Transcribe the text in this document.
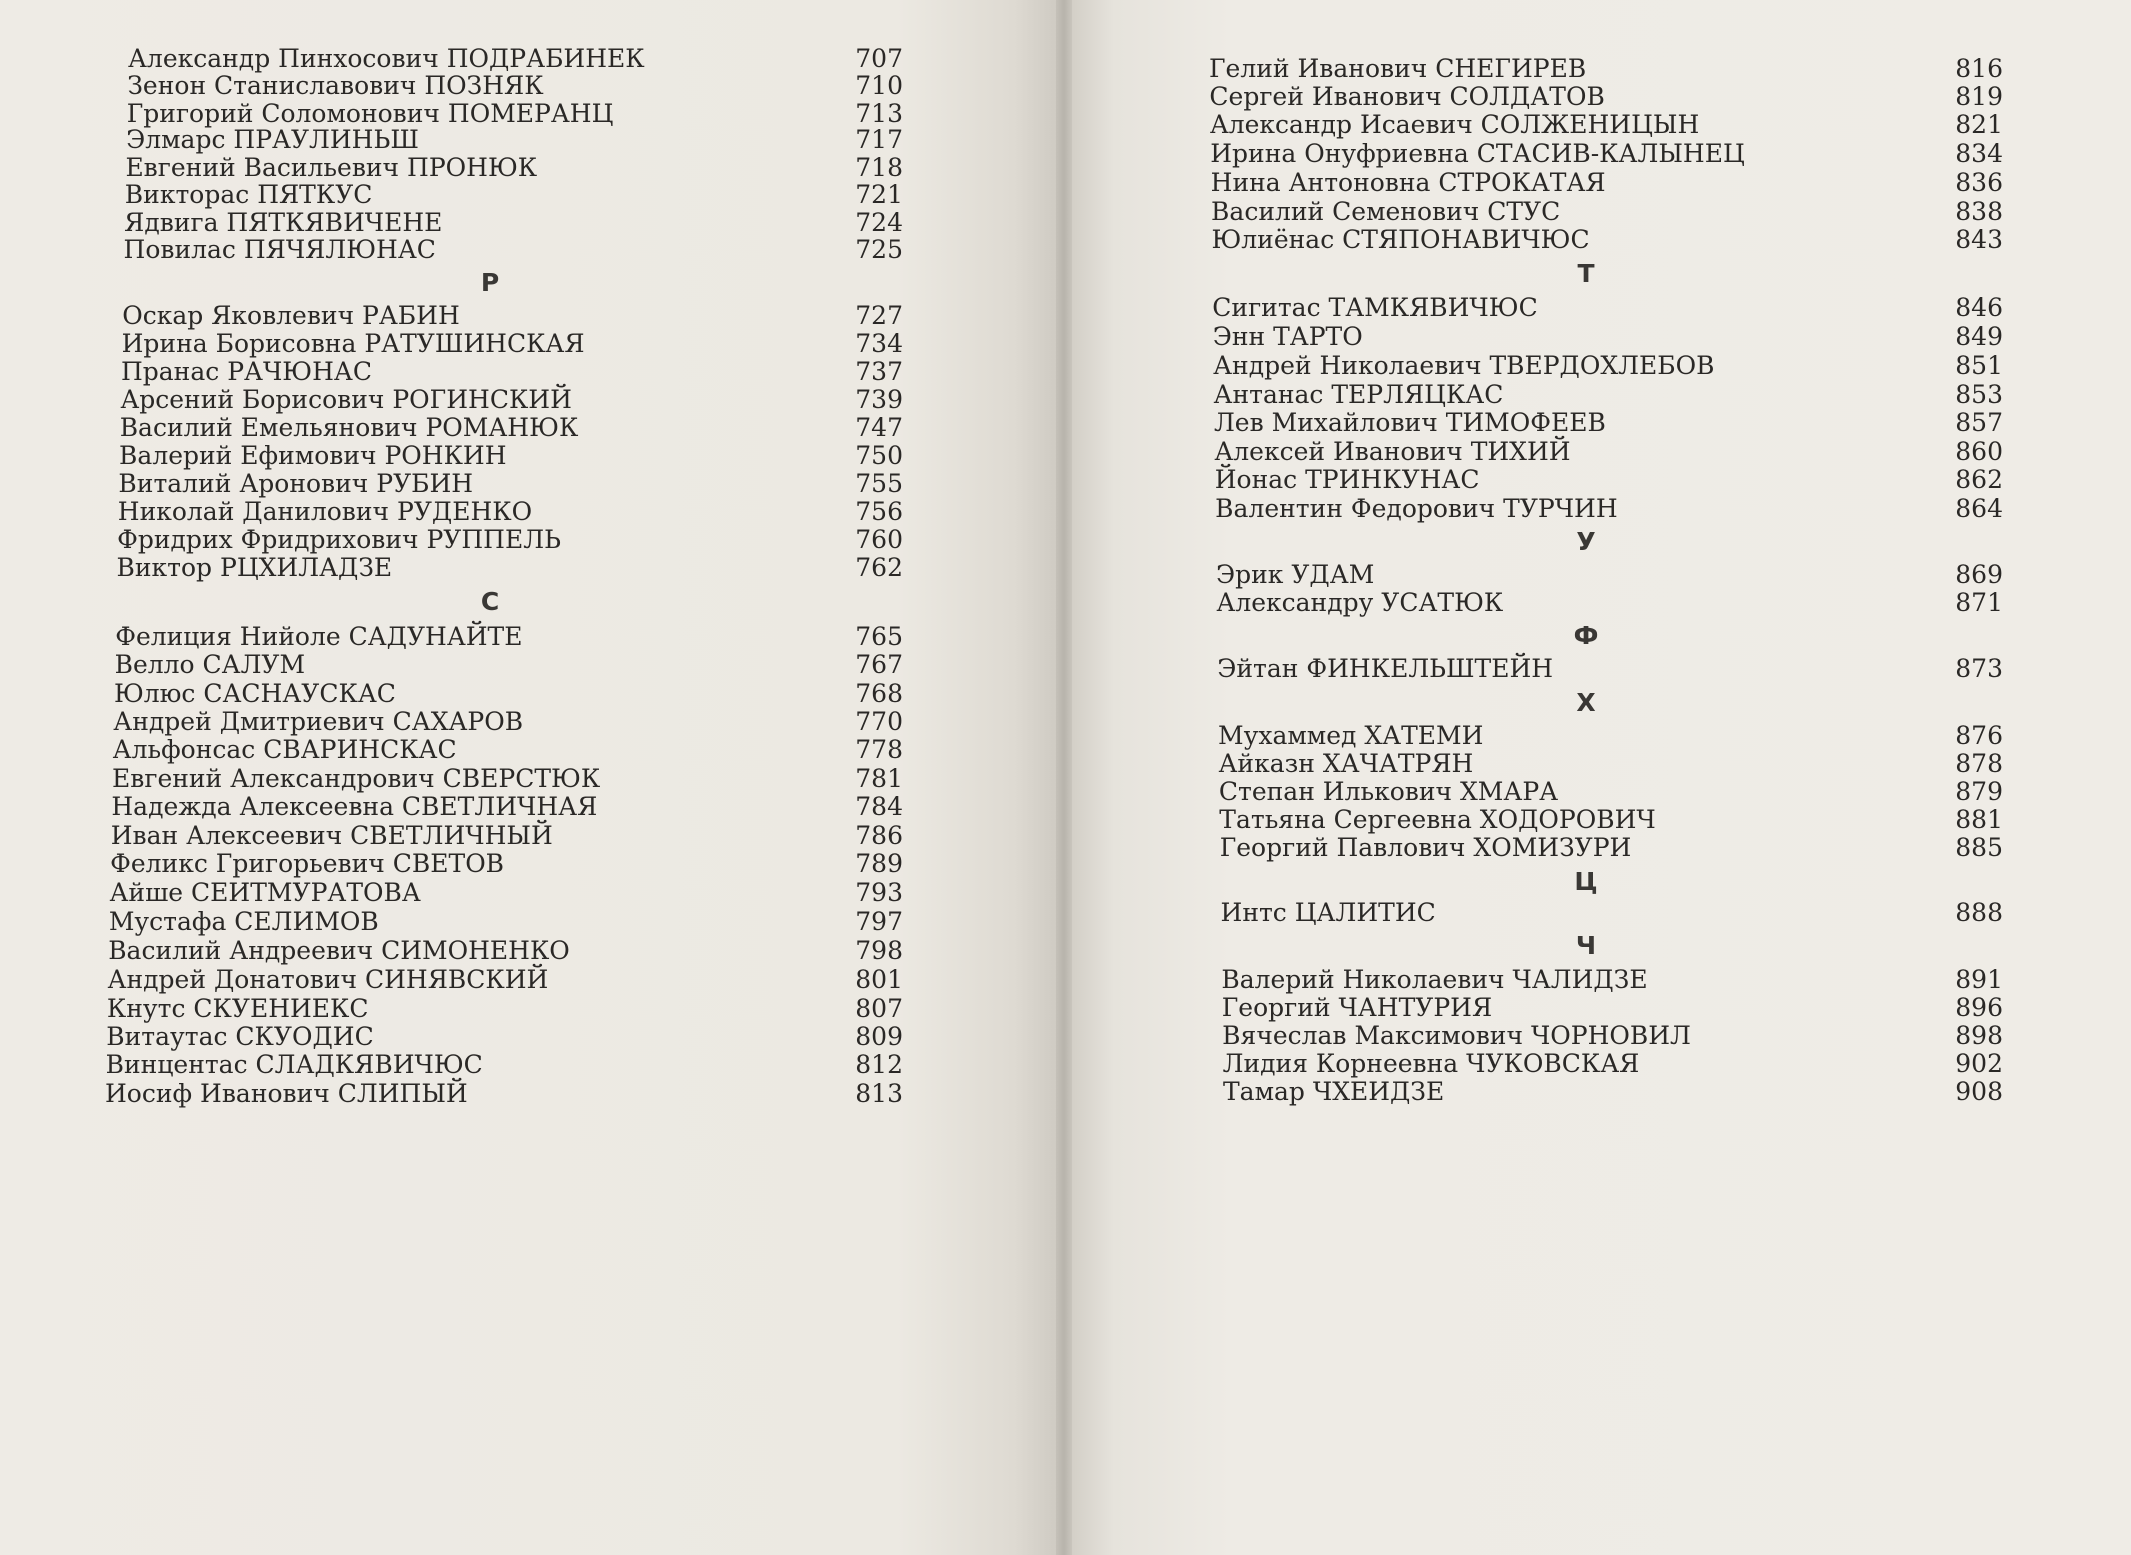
Александр Пинхосович ПОДРАБИНЕК	707
Зенон Станиславович ПОЗНЯК	710
Григорий Соломонович ПОМЕРАНЦ	713
Элмарс ПРАУЛИНЬШ	717
Евгений Васильевич ПРОНЮК	718
Викторас ПЯТКУС	721
Ядвига ПЯТКЯВИЧЕНЕ	724
Повилас ПЯЧЯЛЮНАС	725
Р
Оскар Яковлевич РАБИН	727
Ирина Борисовна РАТУШИНСКАЯ	734
Пранас РАЧЮНАС	737
Арсений Борисович РОГИНСКИЙ	739
Василий Емельянович РОМАНЮК	747
Валерий Ефимович РОНКИН	750
Виталий Аронович РУБИН	755
Николай Данилович РУДЕНКО	756
Фридрих Фридрихович РУППЕЛЬ	760
Виктор РЦХИЛАДЗЕ	762
С
Фелиция Нийоле САДУНАЙТЕ	765
Велло САЛУМ	767
Юлюс САСНАУСКАС	768
Андрей Дмитриевич САХАРОВ	770
Альфонсас СВАРИНСКАС	778
Евгений Александрович СВЕРСТЮК	781
Надежда Алексеевна СВЕТЛИЧНАЯ	784
Иван Алексеевич СВЕТЛИЧНЫЙ	786
Феликс Григорьевич СВЕТОВ	789
Айше СЕИТМУРАТОВА	793
Мустафа СЕЛИМОВ	797
Василий Андреевич СИМОНЕНКО	798
Андрей Донатович СИНЯВСКИЙ	801
Кнутс СКУЕНИЕКС	807
Витаутас СКУОДИС	809
Винцентас СЛАДКЯВИЧЮС	812
Иосиф Иванович СЛИПЫЙ	813
Гелий Иванович СНЕГИРЕВ	816
Сергей Иванович СОЛДАТОВ	819
Александр Исаевич СОЛЖЕНИЦЫН	821
Ирина Онуфриевна СТАСИВ-КАЛЫНЕЦ	834
Нина Антоновна СТРОКАТАЯ	836
Василий Семенович СТУС	838
Юлиёнас СТЯПОНАВИЧЮС	843
Т
Сигитас ТАМКЯВИЧЮС	846
Энн ТАРТО	849
Андрей Николаевич ТВЕРДОХЛЕБОВ	851
Антанас ТЕРЛЯЦКАС	853
Лев Михайлович ТИМОФЕЕВ	857
Алексей Иванович ТИХИЙ	860
Йонас ТРИНКУНАС	862
Валентин Федорович ТУРЧИН	864
У
Эрик УДАМ	869
Александру УСАТЮК	871
Ф
Эйтан ФИНКЕЛЬШТЕЙН	873
Х
Мухаммед ХАТЕМИ	876
Айказн ХАЧАТРЯН	878
Степан Илькович ХМАРА	879
Татьяна Сергеевна ХОДОРОВИЧ	881
Георгий Павлович ХОМИЗУРИ	885
Ц
Интс ЦАЛИТИС	888
Ч
Валерий Николаевич ЧАЛИДЗЕ	891
Георгий ЧАНТУРИЯ	896
Вячеслав Максимович ЧОРНОВИЛ	898
Лидия Корнеевна ЧУКОВСКАЯ	902
Тамар ЧХЕИДЗЕ	908
